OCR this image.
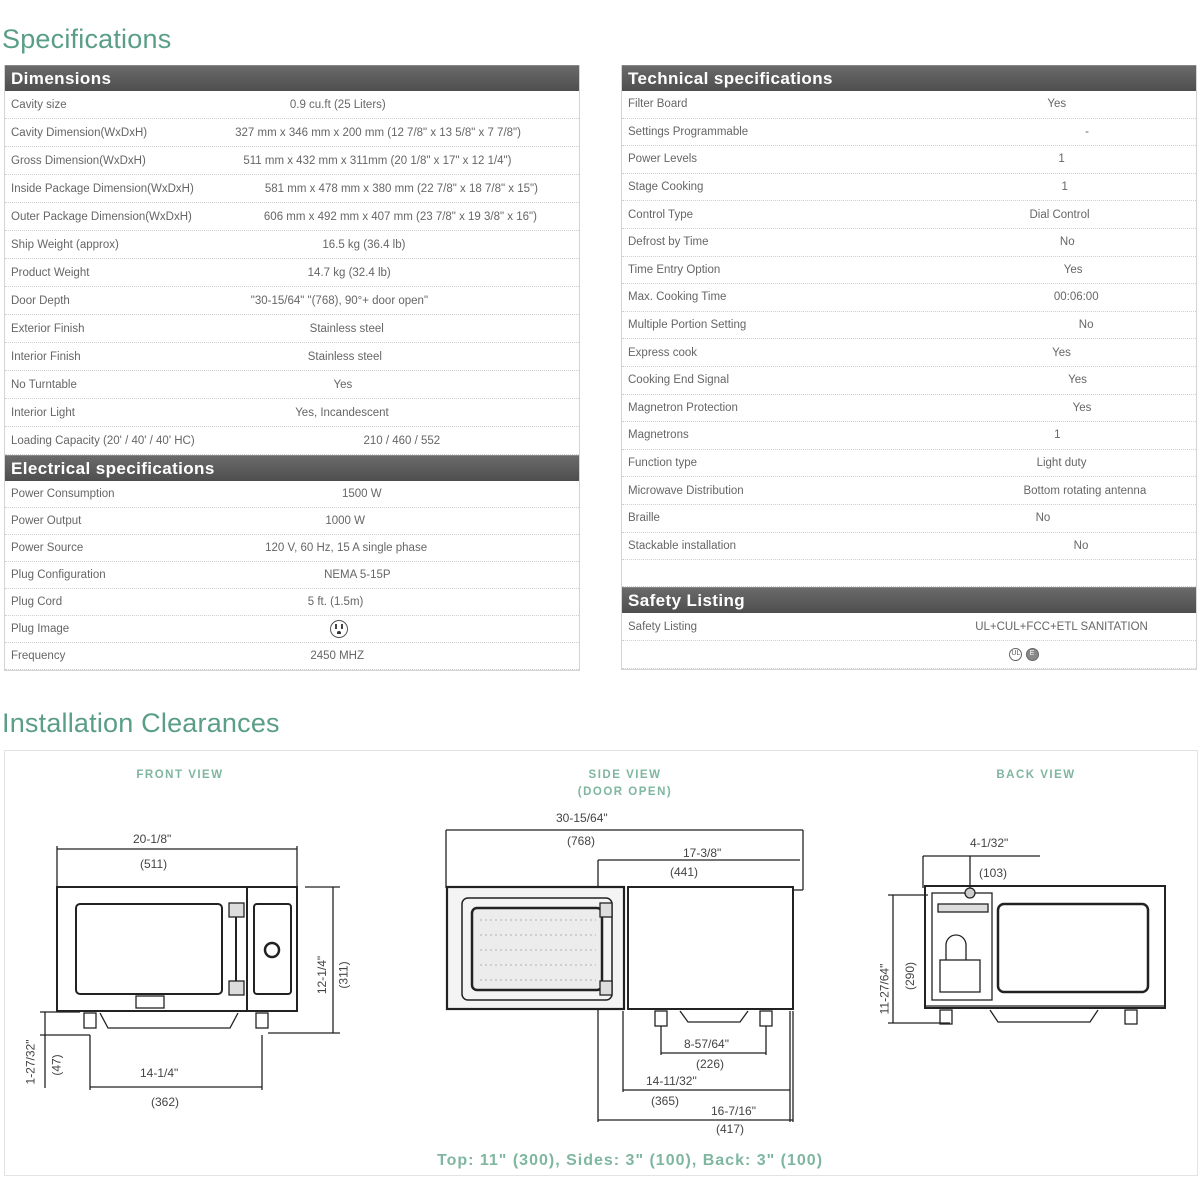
Specifications
Dimensions
Cavity size	0.9 cu.ft (25 Liters)
Cavity Dimension(WxDxH)	327 mm x 346 mm x 200 mm (12 7/8" x 13 5/8" x 7 7/8")
Gross Dimension(WxDxH)	511 mm x 432 mm x 311mm (20 1/8" x 17" x 12 1/4")
Inside Package Dimension(WxDxH)	581 mm x 478 mm x 380 mm (22 7/8" x 18 7/8" x 15")
Outer Package Dimension(WxDxH)	606 mm x 492 mm x 407 mm (23 7/8" x 19 3/8" x 16")
Ship Weight (approx)	16.5 kg (36.4 lb)
Product Weight	14.7 kg (32.4 lb)
Door Depth	"30-15/64" "(768), 90°+ door open"
Exterior Finish	Stainless steel
Interior Finish	Stainless steel
No Turntable	Yes
Interior Light	Yes, Incandescent
Loading Capacity (20' / 40' / 40' HC)	210 / 460 / 552
Electrical specifications
Power Consumption	1500 W
Power Output	1000 W
Power Source	120 V, 60 Hz, 15 A single phase
Plug Configuration	NEMA 5-15P
Plug Cord	5 ft. (1.5m)
Plug Image
Frequency	2450 MHZ
Technical specifications
Filter Board	Yes
Settings Programmable	-
Power Levels	1
Stage Cooking	1
Control Type	Dial Control
Defrost by Time	No
Time Entry Option	Yes
Max. Cooking Time	00:06:00
Multiple Portion Setting	No
Express cook	Yes
Cooking End Signal	Yes
Magnetron Protection	Yes
Magnetrons	1
Function type	Light duty
Microwave Distribution	Bottom rotating antenna
Braille	No
Stackable installation	No
Safety Listing
Safety Listing	UL+CUL+FCC+ETL SANITATION
UL E
Installation Clearances
FRONT VIEW
20-1/8"
(511)
12-1/4" (311)
1-27/32" (47)	14-1/4"
(362)
SIDE VIEW
(DOOR OPEN)
30-15/64"
(768)
17-3/8"
(441)
8-57/64"
(226)
14-11/32"
(365)
16-7/16"
(417)
BACK VIEW
4-1/32"
(103)
11-27/64" (290)
Top: 11" (300), Sides: 3" (100), Back: 3" (100)
